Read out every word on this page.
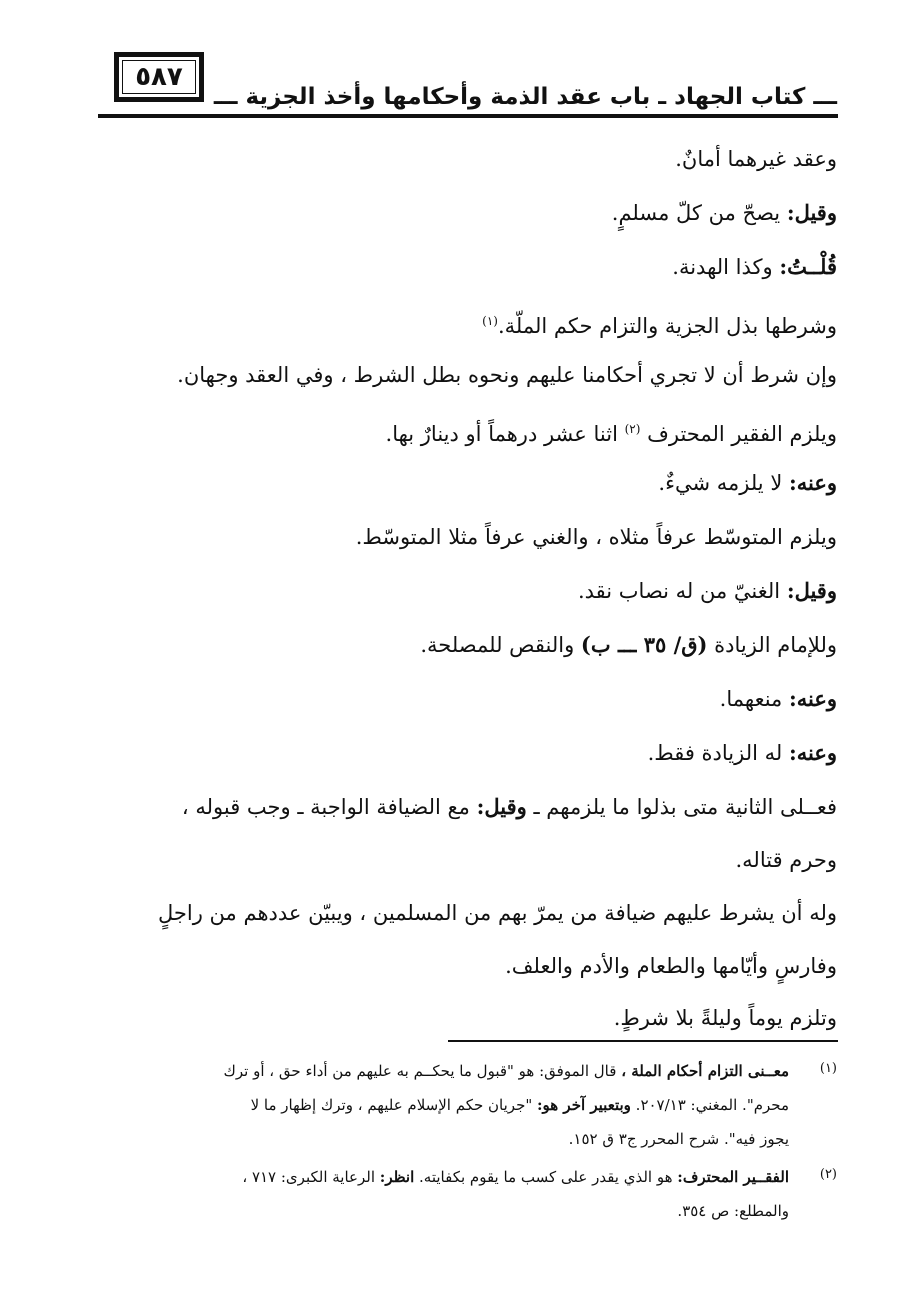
٥٨٧
ـــ كتاب الجهاد ـ باب عقد الذمة وأحكامها وأخذ الجزية ـــ
وعقد غيرهما أمانٌ.
وقيل: يصحّ من كلّ مسلمٍ.
قُلْــتُ: وكذا الهدنة.
وشرطها بذل الجزية والتزام حكم الملّة.$^{(١)}$
وإن شرط أن لا تجري أحكامنا عليهم ونحوه بطل الشرط ، وفي العقد وجهان.
ويلزم الفقير المحترف $^{(٢)}$ اثنا عشر درهماً أو دينارٌ بها.
وعنه: لا يلزمه شيءٌ.
ويلزم المتوسّط عرفاً مثلاه ، والغني عرفاً مثلا المتوسّط.
وقيل: الغنيّ من له نصاب نقد.
وللإمام الزيادة (ق/ ٣٥ ـــ ب) والنقص للمصلحة.
وعنه: منعهما.
وعنه: له الزيادة فقط.
فعــلى الثانية متى بذلوا ما يلزمهم ـ وقيل: مع الضيافة الواجبة ـ وجب قبوله ،
وحرم قتاله.
وله أن يشرط عليهم ضيافة من يمرّ بهم من المسلمين ، ويبيّن عددهم من راجلٍ
وفارسٍ وأيّامها والطعام والأدم والعلف.
وتلزم يوماً وليلةً بلا شرطٍ.
(١)
معــنى التزام أحكام الملة ، قال الموفق: هو "قبول ما يحكــم به عليهم من أداء حق ، أو ترك
محرم". المغني: ٢٠٧/١٣. وبتعبير آخر هو: "جريان حكم الإسلام عليهم ، وترك إظهار ما لا
يجوز فيه". شرح المحرر ج٣ ق ١٥٢.
(٢)
الفقــير المحترف: هو الذي يقدر على كسب ما يقوم بكفايته. انظر: الرعاية الكبرى: ٧١٧ ،
والمطلع: ص ٣٥٤.
